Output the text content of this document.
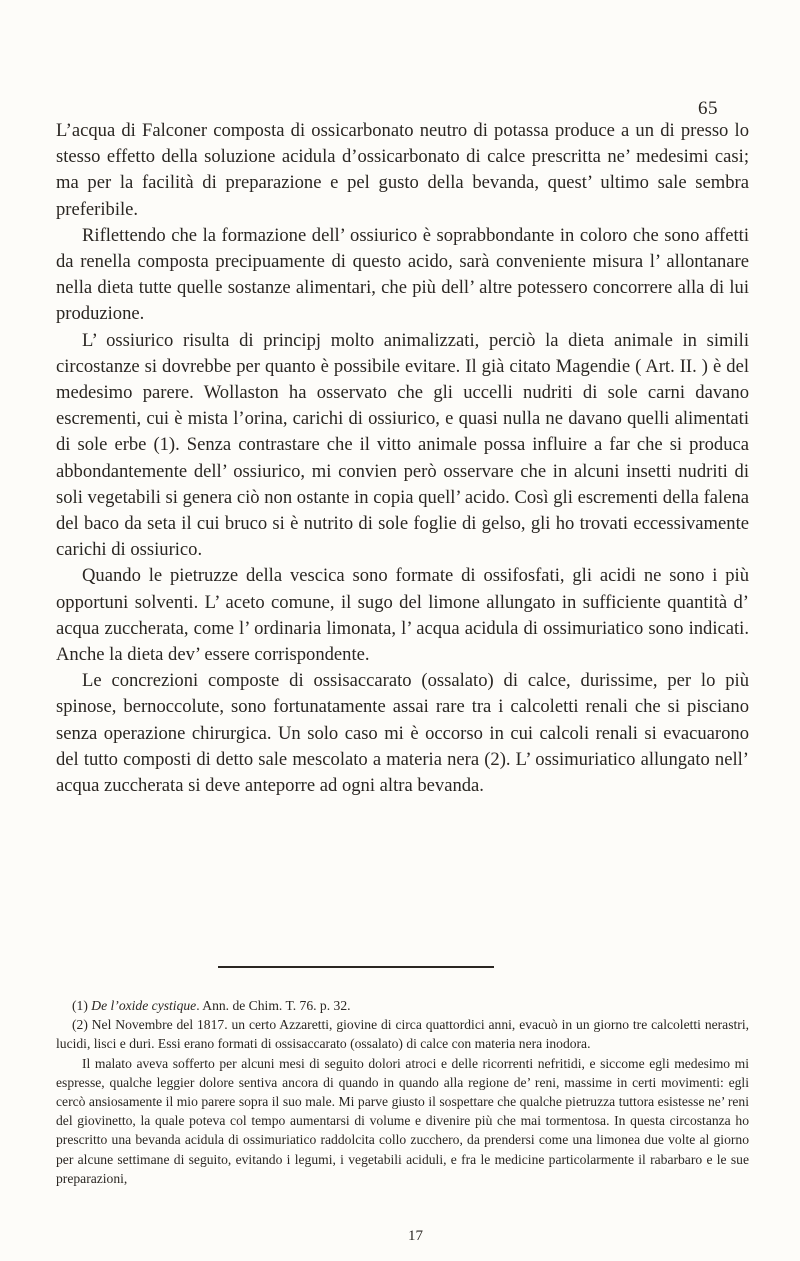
65

L’acqua di Falconer composta di ossicarbonato neutro di potassa produce a un di presso lo stesso effetto della soluzione acidula d’ossicarbonato di calce prescritta ne’ medesimi casi; ma per la facilità di preparazione e pel gusto della bevanda, quest’ ultimo sale sembra preferibile.

Riflettendo che la formazione dell’ ossiurico è soprabbondante in coloro che sono affetti da renella composta precipuamente di questo acido, sarà conveniente misura l’ allontanare nella dieta tutte quelle sostanze alimentari, che più dell’ altre potessero concorrere alla di lui produzione.

L’ ossiurico risulta di principj molto animalizzati, perciò la dieta animale in simili circostanze si dovrebbe per quanto è possibile evitare. Il già citato Magendie ( Art. II. ) è del medesimo parere. Wollaston ha osservato che gli uccelli nudriti di sole carni davano escrementi, cui è mista l’orina, carichi di ossiurico, e quasi nulla ne davano quelli alimentati di sole erbe (1). Senza contrastare che il vitto animale possa influire a far che si produca abbondantemente dell’ ossiurico, mi convien però osservare che in alcuni insetti nudriti di soli vegetabili si genera ciò non ostante in copia quell’ acido. Così gli escrementi della falena del baco da seta il cui bruco si è nutrito di sole foglie di gelso, gli ho trovati eccessivamente carichi di ossiurico.

Quando le pietruzze della vescica sono formate di ossifosfati, gli acidi ne sono i più opportuni solventi. L’ aceto comune, il sugo del limone allungato in sufficiente quantità d’ acqua zuccherata, come l’ ordinaria limonata, l’ acqua acidula di ossimuriatico sono indicati. Anche la dieta dev’ essere corrispondente.

Le concrezioni composte di ossisaccarato (ossalato) di calce, durissime, per lo più spinose, bernoccolute, sono fortunatamente assai rare tra i calcoletti renali che si pisciano senza operazione chirurgica. Un solo caso mi è occorso in cui calcoli renali si evacuarono del tutto composti di detto sale mescolato a materia nera (2). L’ ossimuriatico allungato nell’ acqua zuccherata si deve anteporre ad ogni altra bevanda.

(1) De l’oxide cystique. Ann. de Chim. T. 76. p. 32.

(2) Nel Novembre del 1817. un certo Azzaretti, giovine di circa quattordici anni, evacuò in un giorno tre calcoletti nerastri, lucidi, lisci e duri. Essi erano formati di ossisaccarato (ossalato) di calce con materia nera inodora.

Il malato aveva sofferto per alcuni mesi di seguito dolori atroci e delle ricorrenti nefritidi, e siccome egli medesimo mi espresse, qualche leggier dolore sentiva ancora di quando in quando alla regione de’ reni, massime in certi movimenti: egli cercò ansiosamente il mio parere sopra il suo male. Mi parve giusto il sospettare che qualche pietruzza tuttora esistesse ne’ reni del giovinetto, la quale poteva col tempo aumentarsi di volume e divenire più che mai tormentosa. In questa circostanza ho prescritto una bevanda acidula di ossimuriatico raddolcita collo zucchero, da prendersi come una limonea due volte al giorno per alcune settimane di seguito, evitando i legumi, i vegetabili aciduli, e fra le medicine particolarmente il rabarbaro e le sue preparazioni,

17
